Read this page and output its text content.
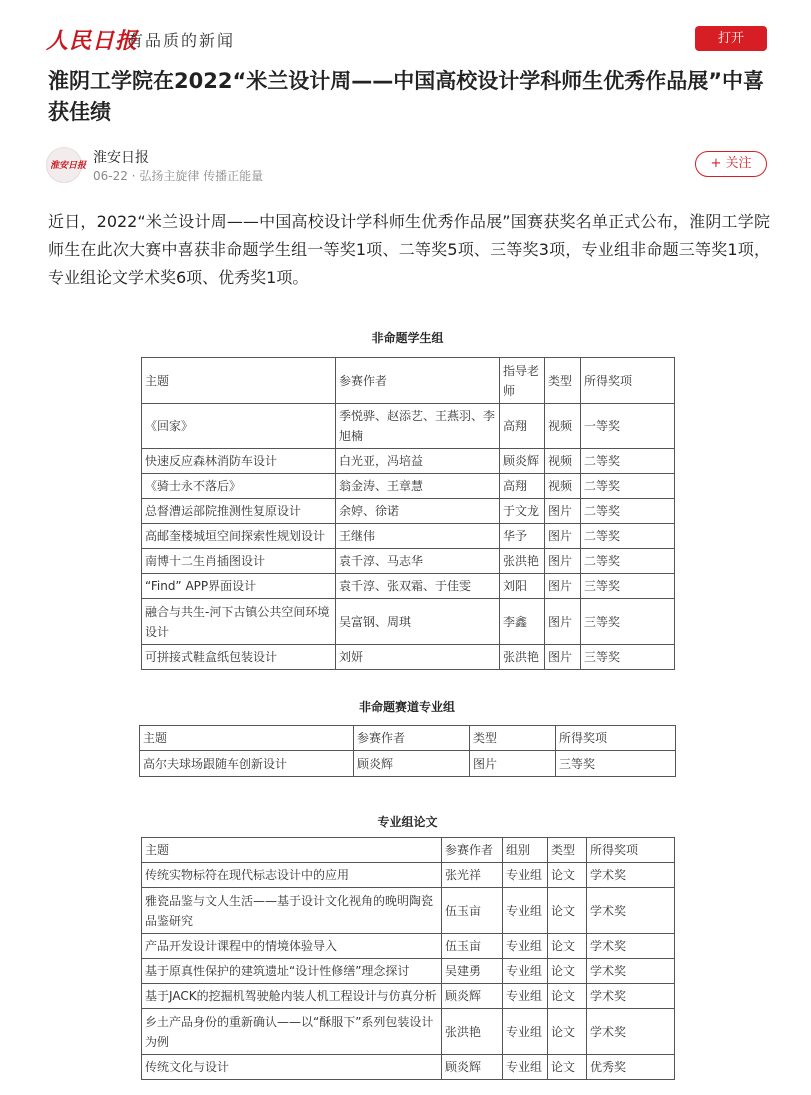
人民日报
有品质的新闻	打开
淮阴工学院在2022“米兰设计周——中国高校设计学科师生优秀作品展”中喜获佳绩
淮安日报 淮安日报
06-22 · 弘扬主旋律 传播正能量
+ 关注

近日，2022“米兰设计周——中国高校设计学科师生优秀作品展”国赛获奖名单正式公布，淮阴工学院师生在此次大赛中喜获非命题学生组一等奖1项、二等奖5项、三等奖3项，专业组非命题三等奖1项，专业组论文学术奖6项、优秀奖1项。

非命题学生组
主题	参赛作者	指导老师	类型	所得奖项
《回家》	季悦骅、赵添艺、王燕羽、李旭楠	高翔	视频	一等奖
快速反应森林消防车设计	白光亚，冯培益	顾炎辉	视频	二等奖
《骑士永不落后》	翁金涛、王章慧	高翔	视频	二等奖
总督漕运部院推测性复原设计	余婷、徐诺	于文龙	图片	二等奖
高邮奎楼城垣空间探索性规划设计	王继伟	华予	图片	二等奖
南博十二生肖插图设计	袁千淳、马志华	张洪艳	图片	二等奖
“Find” APP界面设计	袁千淳、张双霜、于佳雯	刘阳	图片	三等奖
融合与共生-河下古镇公共空间环境设计	吴富钢、周琪	李鑫	图片	三等奖
可拼接式鞋盒纸包装设计	刘妍	张洪艳	图片	三等奖
非命题赛道专业组
主题	参赛作者	类型	所得奖项
高尔夫球场跟随车创新设计	顾炎辉	图片	三等奖
专业组论文
主题	参赛作者	组别	类型	所得奖项
传统实物标符在现代标志设计中的应用	张光祥	专业组	论文	学术奖
雅瓷品鉴与文人生活——基于设计文化视角的晚明陶瓷品鉴研究	伍玉亩	专业组	论文	学术奖
产品开发设计课程中的情境体验导入	伍玉亩	专业组	论文	学术奖
基于原真性保护的建筑遗址“设计性修缮”理念探讨	吴建勇	专业组	论文	学术奖
基于JACK的挖掘机驾驶舱内装人机工程设计与仿真分析	顾炎辉	专业组	论文	学术奖
乡土产品身份的重新确认——以“酥服下”系列包装设计为例	张洪艳	专业组	论文	学术奖
传统文化与设计	顾炎辉	专业组	论文	优秀奖
